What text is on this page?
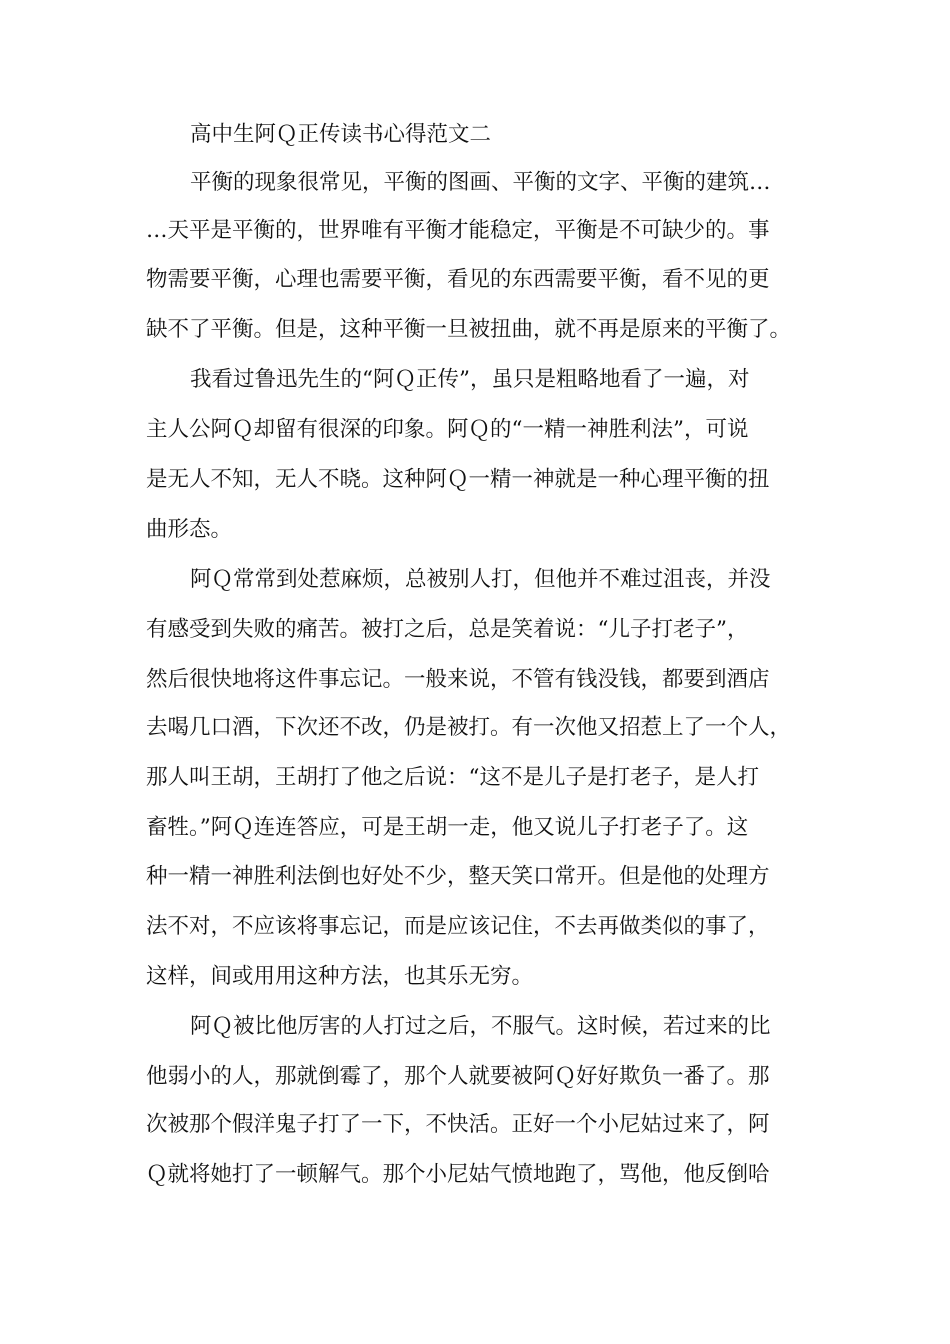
高中生阿Ｑ正传读书心得范文二
平衡的现象很常见，平衡的图画、平衡的文字、平衡的建筑…
…天平是平衡的，世界唯有平衡才能稳定，平衡是不可缺少的。事
物需要平衡，心理也需要平衡，看见的东西需要平衡，看不见的更
缺不了平衡。但是，这种平衡一旦被扭曲，就不再是原来的平衡了。
我看过鲁迅先生的“阿Ｑ正传”，虽只是粗略地看了一遍，对
主人公阿Ｑ却留有很深的印象。阿Ｑ的“一精一神胜利法”，可说
是无人不知，无人不晓。这种阿Ｑ一精一神就是一种心理平衡的扭
曲形态。
阿Ｑ常常到处惹麻烦，总被别人打，但他并不难过沮丧，并没
有感受到失败的痛苦。被打之后，总是笑着说：“儿子打老子”，
然后很快地将这件事忘记。一般来说，不管有钱没钱，都要到酒店
去喝几口酒，下次还不改，仍是被打。有一次他又招惹上了一个人，
那人叫王胡，王胡打了他之后说：“这不是儿子是打老子，是人打
畜牲。”阿Ｑ连连答应，可是王胡一走，他又说儿子打老子了。这
种一精一神胜利法倒也好处不少，整天笑口常开。但是他的处理方
法不对，不应该将事忘记，而是应该记住，不去再做类似的事了，
这样，间或用用这种方法，也其乐无穷。
阿Ｑ被比他厉害的人打过之后，不服气。这时候，若过来的比
他弱小的人，那就倒霉了，那个人就要被阿Ｑ好好欺负一番了。那
次被那个假洋鬼子打了一下，不快活。正好一个小尼姑过来了，阿
Ｑ就将她打了一顿解气。那个小尼姑气愤地跑了，骂他，他反倒哈
